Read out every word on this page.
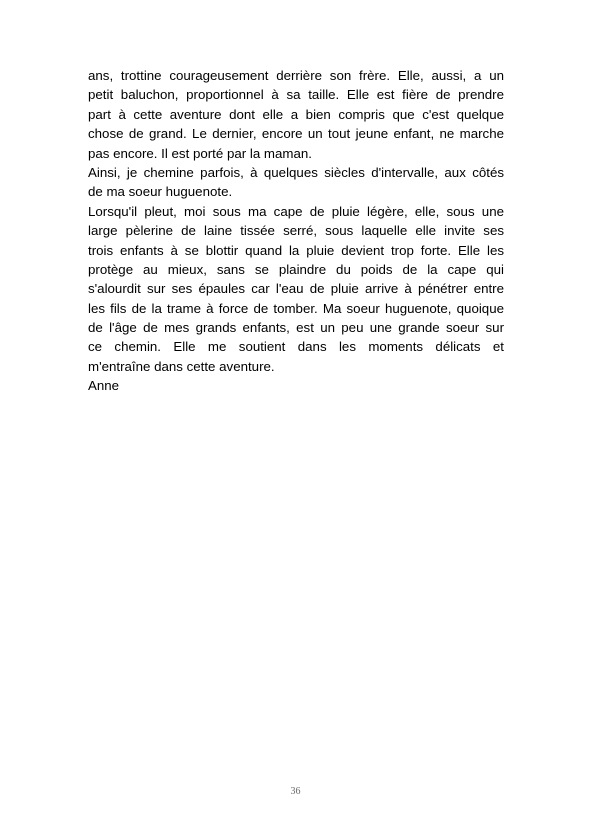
ans, trottine courageusement derrière son frère. Elle, aussi, a un
petit baluchon, proportionnel à sa taille. Elle est fière de prendre
part à cette aventure dont elle a bien compris que c'est quelque
chose de grand. Le dernier, encore un tout jeune enfant, ne marche
pas encore. Il est porté par la maman.
Ainsi, je chemine parfois, à quelques siècles d'intervalle, aux côtés
de ma soeur huguenote.
Lorsqu'il pleut, moi sous ma cape de pluie légère, elle, sous une
large pèlerine de laine tissée serré, sous laquelle elle invite ses
trois enfants à se blottir quand la pluie devient trop forte. Elle les
protège au mieux, sans se plaindre du poids de la cape qui
s'alourdit sur ses épaules car l'eau de pluie arrive à pénétrer entre
les fils de la trame à force de tomber. Ma soeur huguenote, quoique
de l'âge de mes grands enfants, est un peu une grande soeur sur
ce chemin. Elle me soutient dans les moments délicats et
m'entraîne dans cette aventure.
Anne
36
